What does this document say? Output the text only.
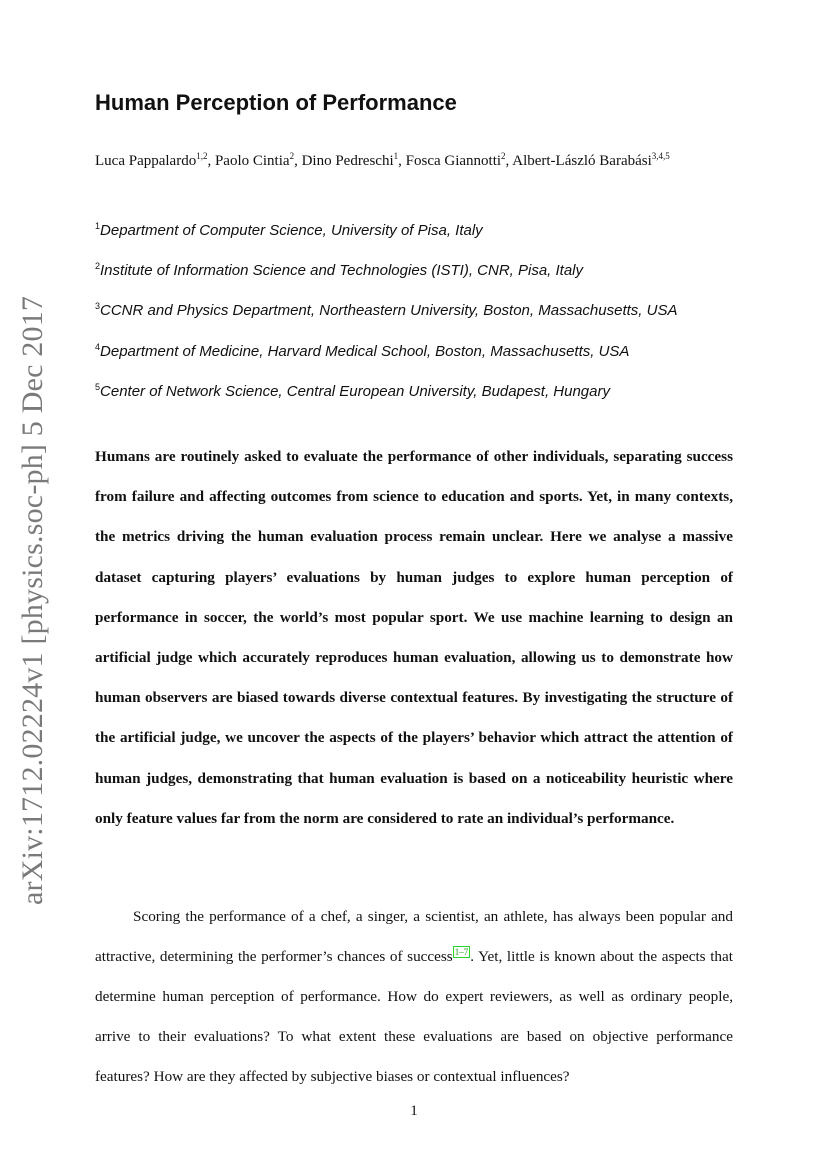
arXiv:1712.02224v1 [physics.soc-ph] 5 Dec 2017
Human Perception of Performance
Luca Pappalardo$^{1,2}$, Paolo Cintia$^2$, Dino Pedreschi$^1$, Fosca Giannotti$^2$, Albert-László Barabási$^{3,4,5}$
$^1$Department of Computer Science, University of Pisa, Italy
$^2$Institute of Information Science and Technologies (ISTI), CNR, Pisa, Italy
$^3$CCNR and Physics Department, Northeastern University, Boston, Massachusetts, USA
$^4$Department of Medicine, Harvard Medical School, Boston, Massachusetts, USA
$^5$Center of Network Science, Central European University, Budapest, Hungary

Humans are routinely asked to evaluate the performance of other individuals, separating success from failure and affecting outcomes from science to education and sports. Yet, in many contexts, the metrics driving the human evaluation process remain unclear. Here we analyse a massive dataset capturing players’ evaluations by human judges to explore human perception of performance in soccer, the world’s most popular sport. We use machine learning to design an artificial judge which accurately reproduces human evaluation, allowing us to demonstrate how human observers are biased towards diverse contextual features. By investigating the structure of the artificial judge, we uncover the aspects of the players’ behavior which attract the attention of human judges, demonstrating that human evaluation is based on a noticeability heuristic where only feature values far from the norm are considered to rate an individual’s performance.

Scoring the performance of a chef, a singer, a scientist, an athlete, has always been popular and attractive, determining the performer’s chances of success $^{1-7}$ . Yet, little is known about the aspects that determine human perception of performance. How do expert reviewers, as well as ordinary people, arrive to their evaluations? To what extent these evaluations are based on objective performance features? How are they affected by subjective biases or contextual influences?

1
